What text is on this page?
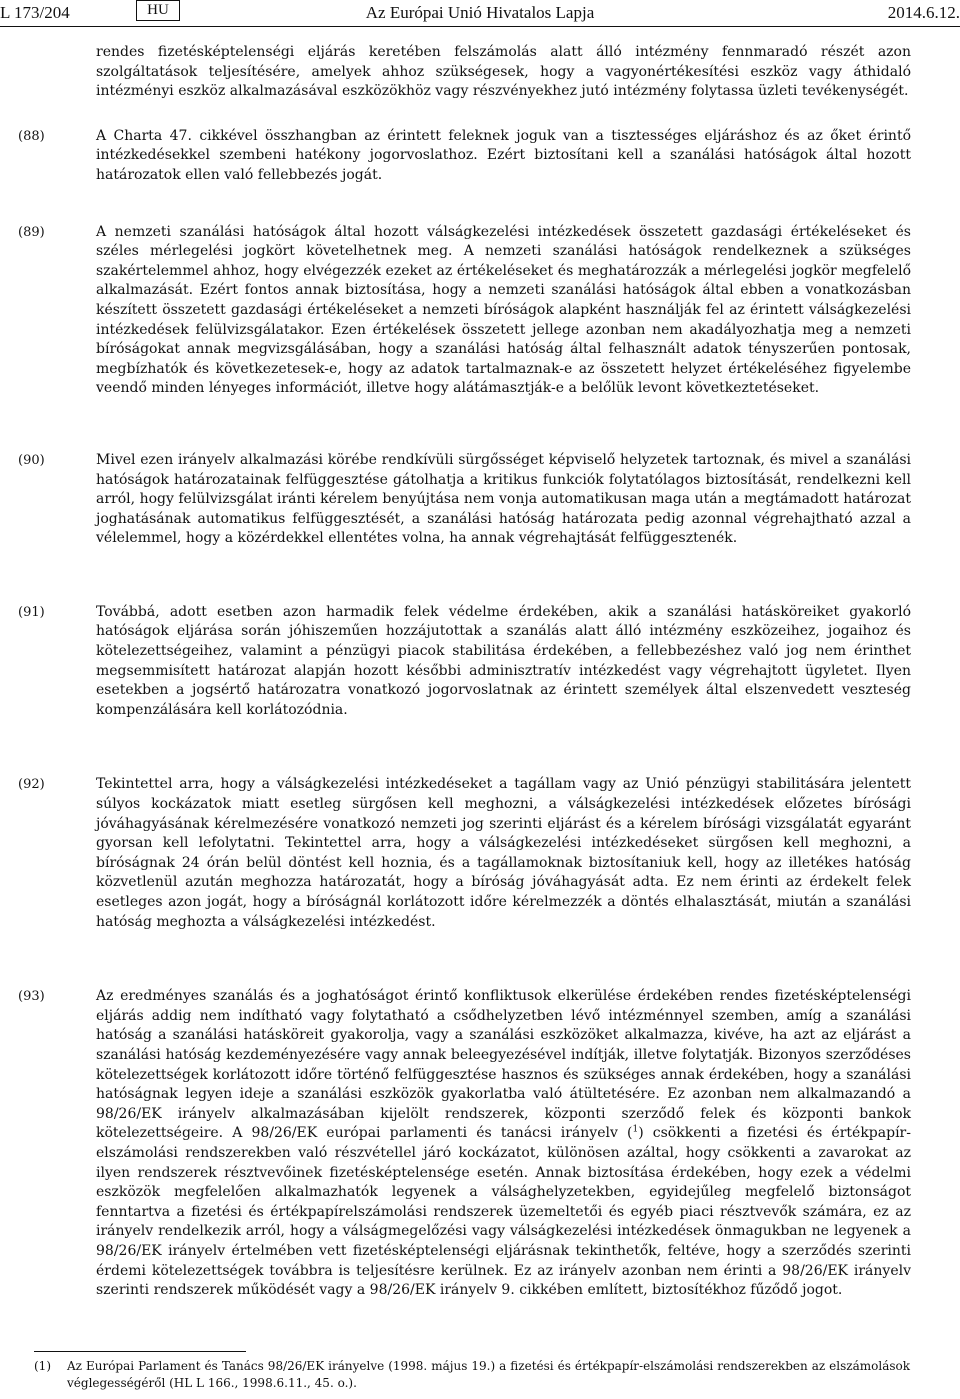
L 173/204	HU	Az Európai Unió Hivatalos Lapja	2014.6.12.

rendes fizetésképtelenségi eljárás keretében felszámolás alatt álló intézmény fennmaradó részét azon szolgáltatások teljesítésére, amelyek ahhoz szükségesek, hogy a vagyonértékesítési eszköz vagy áthidaló intézményi eszköz alkalmazásával eszközökhöz vagy részvényekhez jutó intézmény folytassa üzleti tevékenységét.

(88)	A Charta 47. cikkével összhangban az érintett feleknek joguk van a tisztességes eljáráshoz és az őket érintő intézkedésekkel szembeni hatékony jogorvoslathoz. Ezért biztosítani kell a szanálási hatóságok által hozott határozatok ellen való fellebbezés jogát.

(89)	A nemzeti szanálási hatóságok által hozott válságkezelési intézkedések összetett gazdasági értékeléseket és széles mérlegelési jogkört követelhetnek meg. A nemzeti szanálási hatóságok rendelkeznek a szükséges szakértelemmel ahhoz, hogy elvégezzék ezeket az értékeléseket és meghatározzák a mérlegelési jogkör megfelelő alkalmazását. Ezért fontos annak biztosítása, hogy a nemzeti szanálási hatóságok által ebben a vonatkozásban készített összetett gazdasági értékeléseket a nemzeti bíróságok alapként használják fel az érintett válságkezelési intézkedések felülvizsgálatakor. Ezen értékelések összetett jellege azonban nem akadályozhatja meg a nemzeti bíróságokat annak megvizsgálásában, hogy a szanálási hatóság által felhasznált adatok tényszerűen pontosak, megbízhatók és következetesek-e, hogy az adatok tartalmaznak-e az összetett helyzet értékeléséhez figyelembe veendő minden lényeges információt, illetve hogy alátámasztják-e a belőlük levont következtetéseket.

(90)	Mivel ezen irányelv alkalmazási körébe rendkívüli sürgősséget képviselő helyzetek tartoznak, és mivel a szanálási hatóságok határozatainak felfüggesztése gátolhatja a kritikus funkciók folytatólagos biztosítását, rendelkezni kell arról, hogy felülvizsgálat iránti kérelem benyújtása nem vonja automatikusan maga után a megtámadott határozat joghatásának automatikus felfüggesztését, a szanálási hatóság határozata pedig azonnal végrehajtható azzal a vélelemmel, hogy a közérdekkel ellentétes volna, ha annak végrehajtását felfüggesztenék.

(91)	Továbbá, adott esetben azon harmadik felek védelme érdekében, akik a szanálási hatásköreiket gyakorló hatóságok eljárása során jóhiszeműen hozzájutottak a szanálás alatt álló intézmény eszközeihez, jogaihoz és kötelezettségeihez, valamint a pénzügyi piacok stabilitása érdekében, a fellebbezéshez való jog nem érinthet megsemmisített határozat alapján hozott későbbi adminisztratív intézkedést vagy végrehajtott ügyletet. Ilyen esetekben a jogsértő határozatra vonatkozó jogorvoslatnak az érintett személyek által elszenvedett veszteség kompenzálására kell korlátozódnia.

(92)	Tekintettel arra, hogy a válságkezelési intézkedéseket a tagállam vagy az Unió pénzügyi stabilitására jelentett súlyos kockázatok miatt esetleg sürgősen kell meghozni, a válságkezelési intézkedések előzetes bírósági jóváhagyásának kérelmezésére vonatkozó nemzeti jog szerinti eljárást és a kérelem bírósági vizsgálatát egyaránt gyorsan kell lefolytatni. Tekintettel arra, hogy a válságkezelési intézkedéseket sürgősen kell meghozni, a bíróságnak 24 órán belül döntést kell hoznia, és a tagállamoknak biztosítaniuk kell, hogy az illetékes hatóság közvetlenül azután meghozza határozatát, hogy a bíróság jóváhagyását adta. Ez nem érinti az érdekelt felek esetleges azon jogát, hogy a bíróságnál korlátozott időre kérelmezzék a döntés elhalasztását, miután a szanálási hatóság meghozta a válságkezelési intézkedést.

(93)	Az eredményes szanálás és a joghatóságot érintő konfliktusok elkerülése érdekében rendes fizetésképtelenségi eljárás addig nem indítható vagy folytatható a csődhelyzetben lévő intézménnyel szemben, amíg a szanálási hatóság a szanálási hatásköreit gyakorolja, vagy a szanálási eszközöket alkalmazza, kivéve, ha azt az eljárást a szanálási hatóság kezdeményezésére vagy annak beleegyezésével indítják, illetve folytatják. Bizonyos szerződéses kötelezettségek korlátozott időre történő felfüggesztése hasznos és szükséges annak érdekében, hogy a szanálási hatóságnak legyen ideje a szanálási eszközök gyakorlatba való átültetésére. Ez azonban nem alkalmazandó a 98/26/EK irányelv alkalmazásában kijelölt rendszerek, központi szerződő felek és központi bankok kötelezettségeire. A 98/26/EK európai parlamenti és tanácsi irányelv ($^1$) csökkenti a fizetési és értékpapír-elszámolási rendszerekben való részvétellel járó kockázatot, különösen azáltal, hogy csökkenti a zavarokat az ilyen rendszerek résztvevőinek fizetésképtelensége esetén. Annak biztosítása érdekében, hogy ezek a védelmi eszközök megfelelően alkalmazhatók legyenek a válsághelyzetekben, egyidejűleg megfelelő biztonságot fenntartva a fizetési és értékpapírelszámolási rendszerek üzemeltetői és egyéb piaci résztvevők számára, ez az irányelv rendelkezik arról, hogy a válságmegelőzési vagy válságkezelési intézkedések önmagukban ne legyenek a 98/26/EK irányelv értelmében vett fizetésképtelenségi eljárásnak tekinthetők, feltéve, hogy a szerződés szerinti érdemi kötelezettségek továbbra is teljesítésre kerülnek. Ez az irányelv azonban nem érinti a 98/26/EK irányelv szerinti rendszerek működését vagy a 98/26/EK irányelv 9. cikkében említett, biztosítékhoz fűződő jogot.

(1)	Az Európai Parlament és Tanács 98/26/EK irányelve (1998. május 19.) a fizetési és értékpapír-elszámolási rendszerekben az elszámolások véglegességéről (HL L 166., 1998.6.11., 45. o.).
